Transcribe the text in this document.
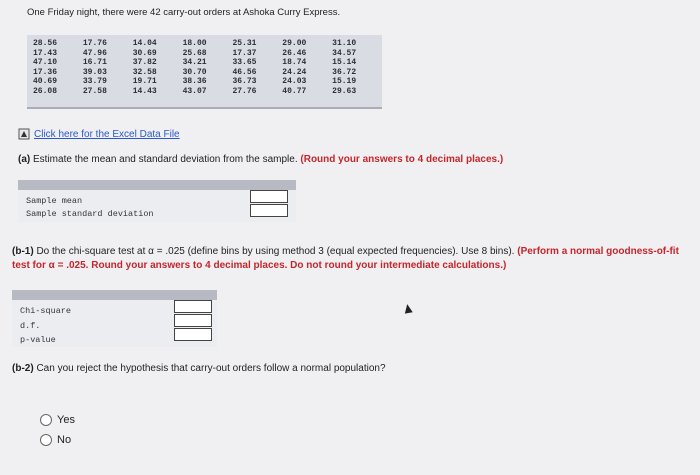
One Friday night, there were 42 carry-out orders at Ashoka Curry Express.
28.56
17.43
47.10
17.36
40.69
26.08
17.76
47.96
16.71
39.03
33.79
27.58
14.04
30.69
37.82
32.58
19.71
14.43
18.00
25.68
34.21
30.70
38.36
43.07
25.31
17.37
33.65
46.56
36.73
27.76
29.00
26.46
18.74
24.24
24.03
40.77
31.10
34.57
15.14
36.72
15.19
29.63
Click here for the Excel Data File
(a) Estimate the mean and standard deviation from the sample. (Round your answers to 4 decimal places.)
Sample mean
Sample standard deviation
(b-1) Do the chi-square test at α = .025 (define bins by using method 3 (equal expected frequencies). Use 8 bins). (Perform a normal goodness-of-fit test for α = .025. Round your answers to 4 decimal places. Do not round your intermediate calculations.)
Chi-square
d.f.
p-value
(b-2) Can you reject the hypothesis that carry-out orders follow a normal population?
Yes
No
